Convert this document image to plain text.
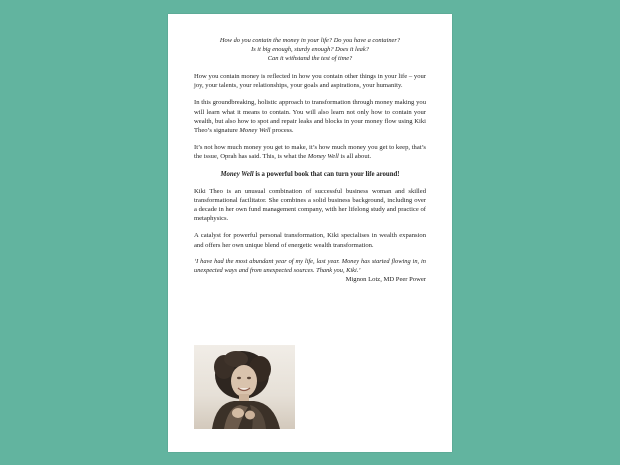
How do you contain the money in your life? Do you have a container?
Is it big enough, sturdy enough? Does it leak?
Can it withstand the test of time?

How you contain money is reflected in how you contain other things in your life – your joy, your talents, your relationships, your goals and aspirations, your humanity.

In this groundbreaking, holistic approach to transformation through money making you will learn what it means to contain. You will also learn not only how to contain your wealth, but also how to spot and repair leaks and blocks in your money flow using Kiki Theo’s signature Money Well process.

It’s not how much money you get to make, it’s how much money you get to keep, that’s the issue, Oprah has said. This, is what the Money Well is all about.

Money Well is a powerful book that can turn your life around!

Kiki Theo is an unusual combination of successful business woman and skilled transformational facilitator. She combines a solid business background, including over a decade in her own fund management company, with her lifelong study and practice of metaphysics.

A catalyst for powerful personal transformation, Kiki specialises in wealth expansion and offers her own unique blend of energetic wealth transformation.

‘I have had the most abundant year of my life, last year. Money has started flowing in, in unexpected ways and from unexpected sources. Thank you, Kiki.’

Mignon Lotz, MD Peer Power
